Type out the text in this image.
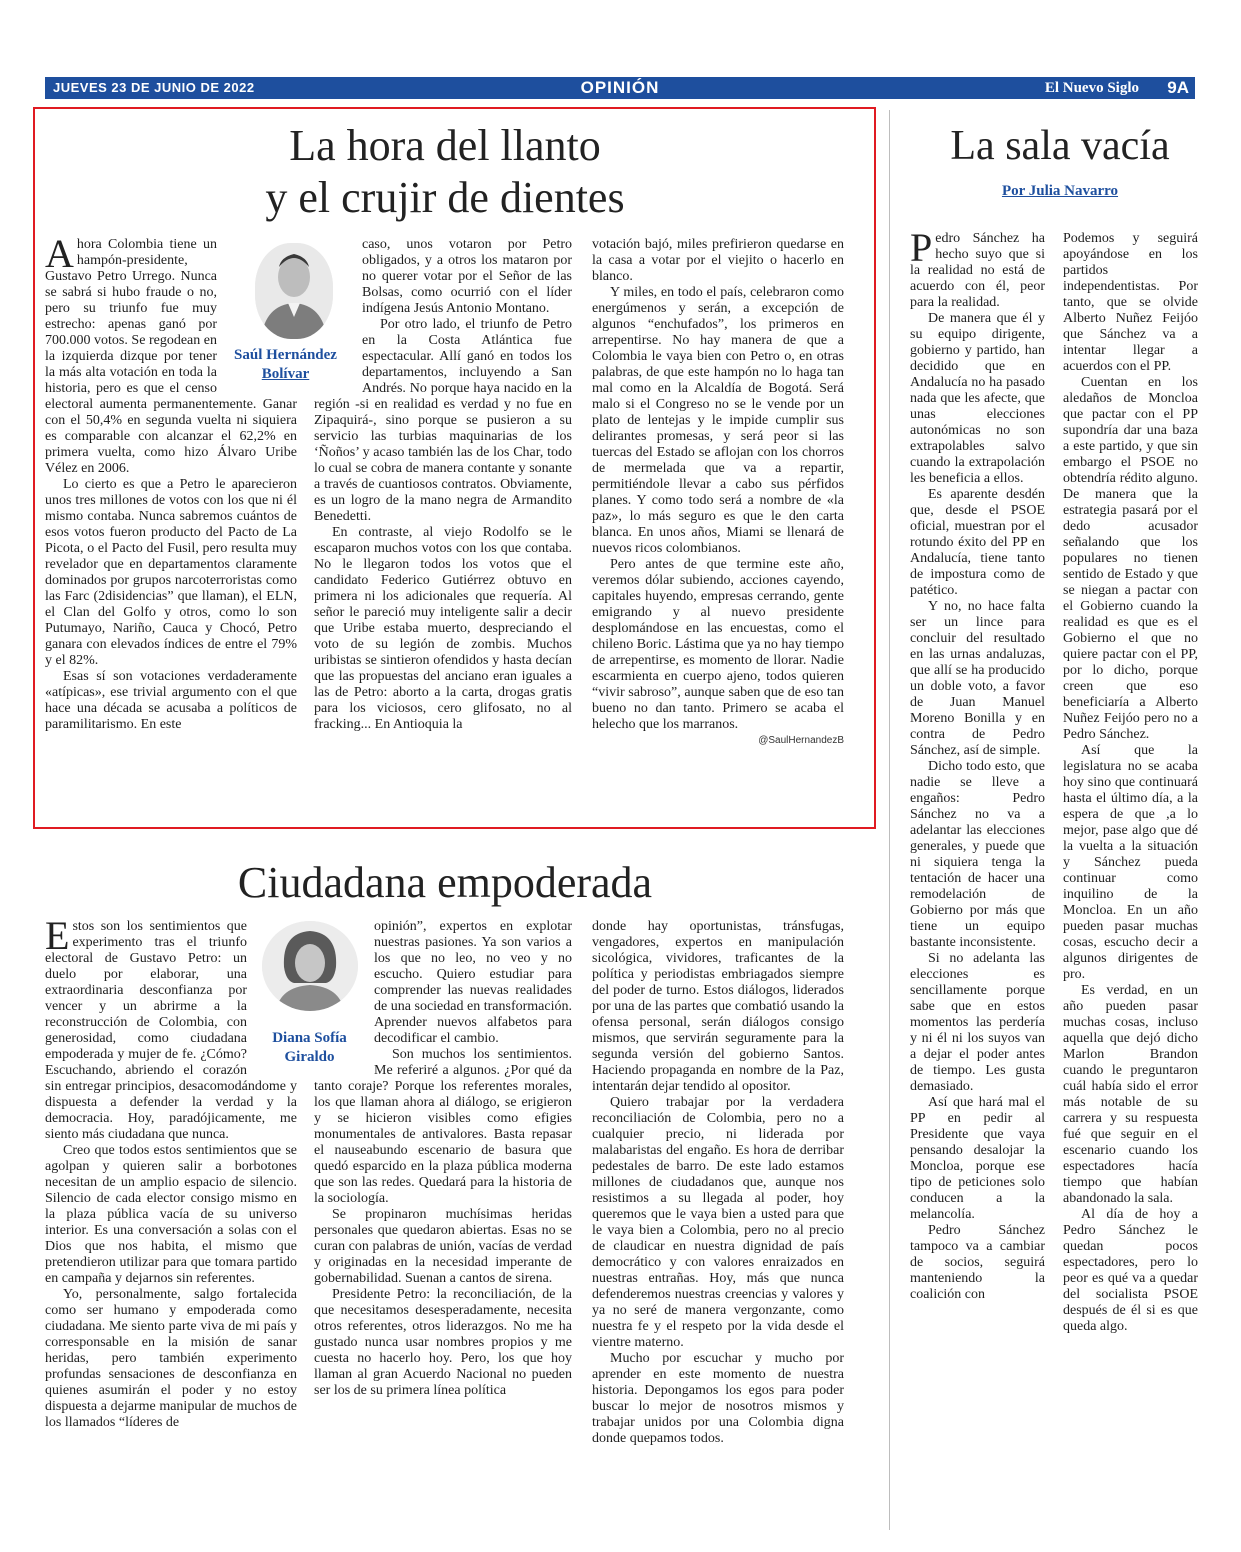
JUEVES 23 DE JUNIO DE 2022	OPINIÓN	El Nuevo Siglo 9A
La hora del llanto
y el crujir de dientes
Saúl Hernández
Bolívar

Ahora Colombia tiene un hampón-presidente, Gustavo Petro Urrego. Nunca se sabrá si hubo fraude o no, pero su triunfo fue muy estrecho: apenas ganó por 700.000 votos. Se regodean en la izquierda dizque por tener la más alta votación en toda la historia, pero es que el censo electoral aumenta permanentemente. Ganar con el 50,4% en segunda vuelta ni siquiera es comparable con alcanzar el 62,2% en primera vuelta, como hizo Álvaro Uribe Vélez en 2006.

Lo cierto es que a Petro le aparecieron unos tres millones de votos con los que ni él mismo contaba. Nunca sabremos cuántos de esos votos fueron producto del Pacto de La Picota, o el Pacto del Fusil, pero resulta muy revelador que en departamentos claramente dominados por grupos narcoterroristas como las Farc (2disidencias” que llaman), el ELN, el Clan del Golfo y otros, como lo son Putumayo, Nariño, Cauca y Chocó, Petro ganara con elevados índices de entre el 79% y el 82%.

Esas sí son votaciones verdaderamente «atípicas», ese trivial argumento con el que hace una década se acusaba a políticos de paramilitarismo. En este

caso, unos votaron por Petro obligados, y a otros los mataron por no querer votar por el Señor de las Bolsas, como ocurrió con el líder indígena Jesús Antonio Montano.

Por otro lado, el triunfo de Petro en la Costa Atlántica fue espectacular. Allí ganó en todos los departamentos, incluyendo a San Andrés. No porque haya nacido en la región -si en realidad es verdad y no fue en Zipaquirá-, sino porque se pusieron a su servicio las turbias maquinarias de los ‘Ñoños’ y acaso también las de los Char, todo lo cual se cobra de manera contante y sonante a través de cuantiosos contratos. Obviamente, es un logro de la mano negra de Armandito Benedetti.

En contraste, al viejo Rodolfo se le escaparon muchos votos con los que contaba. No le llegaron todos los votos que el candidato Federico Gutiérrez obtuvo en primera ni los adicionales que requería. Al señor le pareció muy inteligente salir a decir que Uribe estaba muerto, despreciando el voto de su legión de zombis. Muchos uribistas se sintieron ofendidos y hasta decían que las propuestas del anciano eran iguales a las de Petro: aborto a la carta, drogas gratis para los viciosos, cero glifosato, no al fracking... En Antioquia la

votación bajó, miles prefirieron quedarse en la casa a votar por el viejito o hacerlo en blanco.

Y miles, en todo el país, celebraron como energúmenos y serán, a excepción de algunos “enchufados”, los primeros en arrepentirse. No hay manera de que a Colombia le vaya bien con Petro o, en otras palabras, de que este hampón no lo haga tan mal como en la Alcaldía de Bogotá. Será malo si el Congreso no se le vende por un plato de lentejas y le impide cumplir sus delirantes promesas, y será peor si las tuercas del Estado se aflojan con los chorros de mermelada que va a repartir, permitiéndole llevar a cabo sus pérfidos planes. Y como todo será a nombre de «la paz», lo más seguro es que le den carta blanca. En unos años, Miami se llenará de nuevos ricos colombianos.

Pero antes de que termine este año, veremos dólar subiendo, acciones cayendo, capitales huyendo, empresas cerrando, gente emigrando y al nuevo presidente desplomándose en las encuestas, como el chileno Boric. Lástima que ya no hay tiempo de arrepentirse, es momento de llorar. Nadie escarmienta en cuerpo ajeno, todos quieren “vivir sabroso”, aunque saben que de eso tan bueno no dan tanto. Primero se acaba el helecho que los marranos.

@SaulHernandezB
Ciudadana empoderada
Diana Sofía
Giraldo

Estos son los sentimientos que experimento tras el triunfo electoral de Gustavo Petro: un duelo por elaborar, una extraordinaria desconfianza por vencer y un abrirme a la reconstrucción de Colombia, con generosidad, como ciudadana empoderada y mujer de fe. ¿Cómo? Escuchando, abriendo el corazón sin entregar principios, desacomodándome y dispuesta a defender la verdad y la democracia. Hoy, paradójicamente, me siento más ciudadana que nunca.

Creo que todos estos sentimientos que se agolpan y quieren salir a borbotones necesitan de un amplio espacio de silencio. Silencio de cada elector consigo mismo en la plaza pública vacía de su universo interior. Es una conversación a solas con el Dios que nos habita, el mismo que pretendieron utilizar para que tomara partido en campaña y dejarnos sin referentes.

Yo, personalmente, salgo fortalecida como ser humano y empoderada como ciudadana. Me siento parte viva de mi país y corresponsable en la misión de sanar heridas, pero también experimento profundas sensaciones de desconfianza en quienes asumirán el poder y no estoy dispuesta a dejarme manipular de muchos de los llamados “líderes de

opinión”, expertos en explotar nuestras pasiones. Ya son varios a los que no leo, no veo y no escucho. Quiero estudiar para comprender las nuevas realidades de una sociedad en transformación. Aprender nuevos alfabetos para decodificar el cambio.

Son muchos los sentimientos. Me referiré a algunos. ¿Por qué da tanto coraje? Porque los referentes morales, los que llaman ahora al diálogo, se erigieron y se hicieron visibles como efigies monumentales de antivalores. Basta repasar el nauseabundo escenario de basura que quedó esparcido en la plaza pública moderna que son las redes. Quedará para la historia de la sociología.

Se propinaron muchísimas heridas personales que quedaron abiertas. Esas no se curan con palabras de unión, vacías de verdad y originadas en la necesidad imperante de gobernabilidad. Suenan a cantos de sirena.

Presidente Petro: la reconciliación, de la que necesitamos desesperadamente, necesita otros referentes, otros liderazgos. No me ha gustado nunca usar nombres propios y me cuesta no hacerlo hoy. Pero, los que hoy llaman al gran Acuerdo Nacional no pueden ser los de su primera línea política

donde hay oportunistas, tránsfugas, vengadores, expertos en manipulación sicológica, vividores, traficantes de la política y periodistas embriagados siempre del poder de turno. Estos diálogos, liderados por una de las partes que combatió usando la ofensa personal, serán diálogos consigo mismos, que servirán seguramente para la segunda versión del gobierno Santos. Haciendo propaganda en nombre de la Paz, intentarán dejar tendido al opositor.

Quiero trabajar por la verdadera reconciliación de Colombia, pero no a cualquier precio, ni liderada por malabaristas del engaño. Es hora de derribar pedestales de barro. De este lado estamos millones de ciudadanos que, aunque nos resistimos a su llegada al poder, hoy queremos que le vaya bien a usted para que le vaya bien a Colombia, pero no al precio de claudicar en nuestra dignidad de país democrático y con valores enraizados en nuestras entrañas. Hoy, más que nunca defenderemos nuestras creencias y valores y ya no seré de manera vergonzante, como nuestra fe y el respeto por la vida desde el vientre materno.

Mucho por escuchar y mucho por aprender en este momento de nuestra historia. Depongamos los egos para poder buscar lo mejor de nosotros mismos y trabajar unidos por una Colombia digna donde quepamos todos.

La sala vacía
Por Julia Navarro

Pedro Sánchez ha hecho suyo que si la realidad no está de acuerdo con él, peor para la realidad.

De manera que él y su equipo dirigente, gobierno y partido, han decidido que en Andalucía no ha pasado nada que les afecte, que unas elecciones autonómicas no son extrapolables salvo cuando la extrapolación les beneficia a ellos.

Es aparente desdén que, desde el PSOE oficial, muestran por el rotundo éxito del PP en Andalucía, tiene tanto de impostura como de patético.

Y no, no hace falta ser un lince para concluir del resultado en las urnas andaluzas, que allí se ha producido un doble voto, a favor de Juan Manuel Moreno Bonilla y en contra de Pedro Sánchez, así de simple.

Dicho todo esto, que nadie se lleve a engaños: Pedro Sánchez no va a adelantar las elecciones generales, y puede que ni siquiera tenga la tentación de hacer una remodelación de Gobierno por más que tiene un equipo bastante inconsistente.

Si no adelanta las elecciones es sencillamente porque sabe que en estos momentos las perdería y ni él ni los suyos van a dejar el poder antes de tiempo. Les gusta demasiado.

Así que hará mal el PP en pedir al Presidente que vaya pensando desalojar la Moncloa, porque ese tipo de peticiones solo conducen a la melancolía.

Pedro Sánchez tampoco va a cambiar de socios, seguirá manteniendo la coalición con

Podemos y seguirá apoyándose en los partidos independentistas. Por tanto, que se olvide Alberto Nuñez Feijóo que Sánchez va a intentar llegar a acuerdos con el PP.

Cuentan en los aledaños de Moncloa que pactar con el PP supondría dar una baza a este partido, y que sin embargo el PSOE no obtendría rédito alguno. De manera que la estrategia pasará por el dedo acusador señalando que los populares no tienen sentido de Estado y que se niegan a pactar con el Gobierno cuando la realidad es que es el Gobierno el que no quiere pactar con el PP, por lo dicho, porque creen que eso beneficiaría a Alberto Nuñez Feijóo pero no a Pedro Sánchez.

Así que la legislatura no se acaba hoy sino que continuará hasta el último día, a la espera de que ,a lo mejor, pase algo que dé la vuelta a la situación y Sánchez pueda continuar como inquilino de la Moncloa. En un año pueden pasar muchas cosas, escucho decir a algunos dirigentes de pro.

Es verdad, en un año pueden pasar muchas cosas, incluso aquella que dejó dicho Marlon Brandon cuando le preguntaron cuál había sido el error más notable de su carrera y su respuesta fué que seguir en el escenario cuando los espectadores hacía tiempo que habían abandonado la sala.

Al día de hoy a Pedro Sánchez le quedan pocos espectadores, pero lo peor es qué va a quedar del socialista PSOE después de él si es que queda algo.
